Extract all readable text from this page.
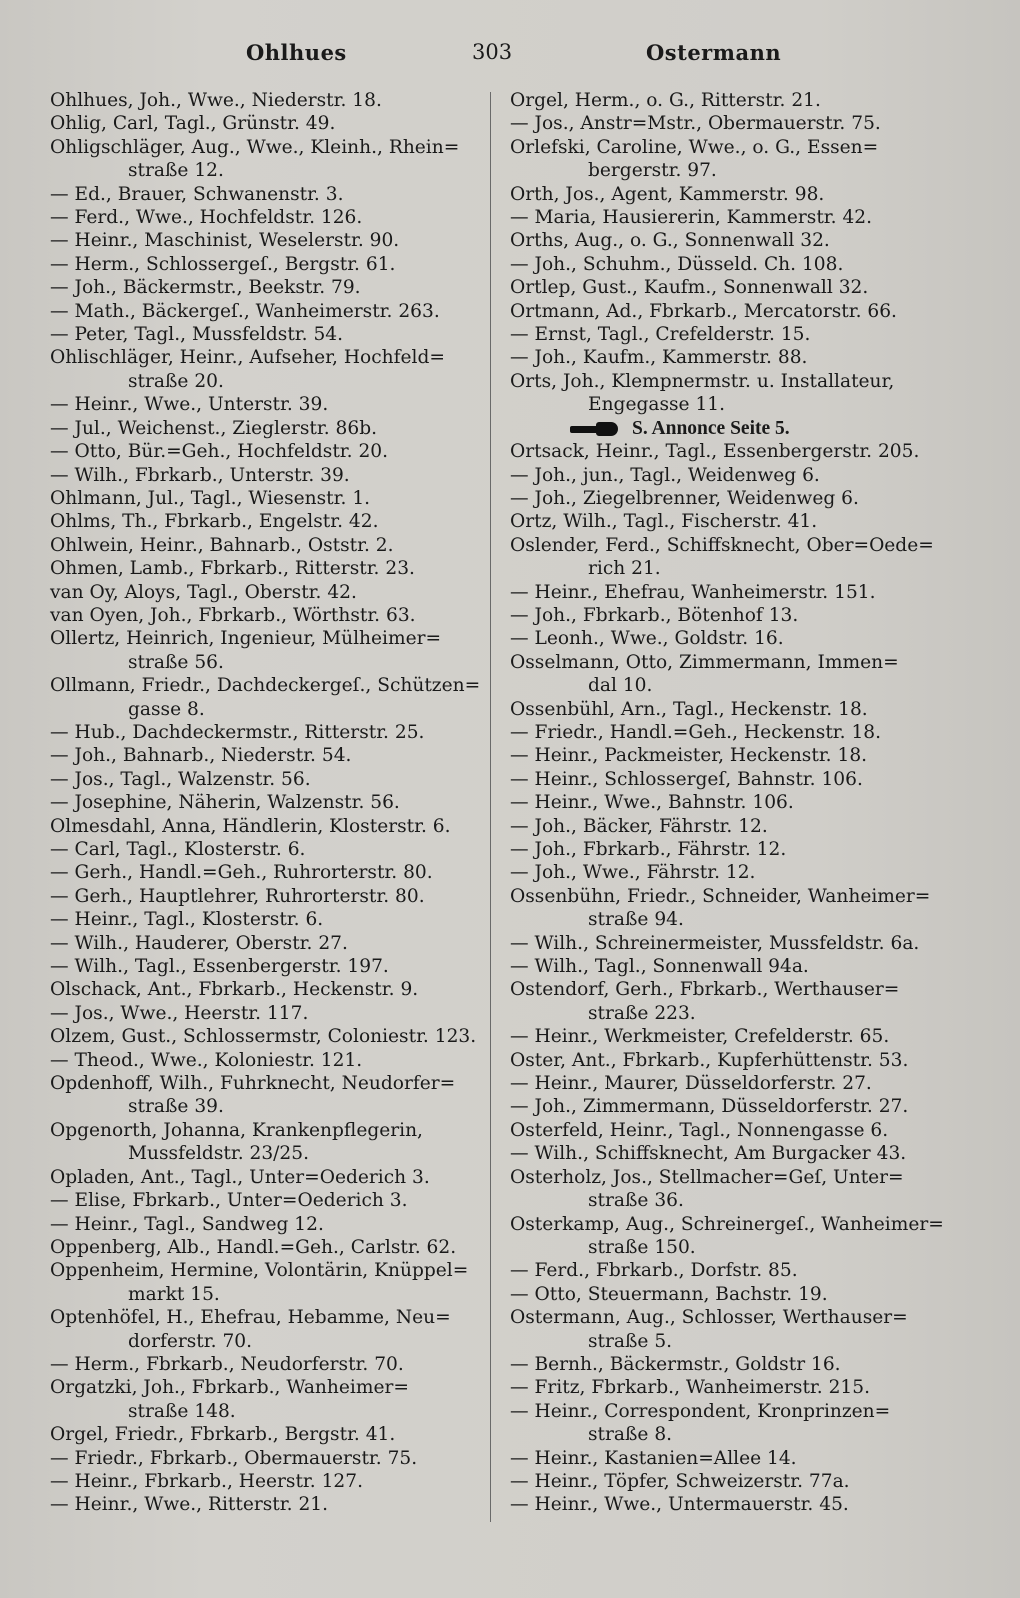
Ohlhues	303	Ostermann
Ohlhues, Joh., Wwe., Niederstr. 18.
Ohlig, Carl, Tagl., Grünstr. 49.
Ohligschläger, Aug., Wwe., Kleinh., Rhein=
straße 12.
— Ed., Brauer, Schwanenstr. 3.
— Ferd., Wwe., Hochfeldstr. 126.
— Heinr., Maschinist, Weselerstr. 90.
— Herm., Schlossergeſ., Bergstr. 61.
— Joh., Bäckermstr., Beekstr. 79.
— Math., Bäckergeſ., Wanheimerstr. 263.
— Peter, Tagl., Mussfeldstr. 54.
Ohlischläger, Heinr., Aufseher, Hochfeld=
straße 20.
— Heinr., Wwe., Unterstr. 39.
— Jul., Weichenst., Zieglerstr. 86b.
— Otto, Bür.=Geh., Hochfeldstr. 20.
— Wilh., Fbrkarb., Unterstr. 39.
Ohlmann, Jul., Tagl., Wiesenstr. 1.
Ohlms, Th., Fbrkarb., Engelstr. 42.
Ohlwein, Heinr., Bahnarb., Oststr. 2.
Ohmen, Lamb., Fbrkarb., Ritterstr. 23.
van Oy, Aloys, Tagl., Oberstr. 42.
van Oyen, Joh., Fbrkarb., Wörthstr. 63.
Ollertz, Heinrich, Ingenieur, Mülheimer=
straße 56.
Ollmann, Friedr., Dachdeckergeſ., Schützen=
gasse 8.
— Hub., Dachdeckermstr., Ritterstr. 25.
— Joh., Bahnarb., Niederstr. 54.
— Jos., Tagl., Walzenstr. 56.
— Josephine, Näherin, Walzenstr. 56.
Olmesdahl, Anna, Händlerin, Klosterstr. 6.
— Carl, Tagl., Klosterstr. 6.
— Gerh., Handl.=Geh., Ruhrorterstr. 80.
— Gerh., Hauptlehrer, Ruhrorterstr. 80.
— Heinr., Tagl., Klosterstr. 6.
— Wilh., Hauderer, Oberstr. 27.
— Wilh., Tagl., Essenbergerstr. 197.
Olschack, Ant., Fbrkarb., Heckenstr. 9.
— Jos., Wwe., Heerstr. 117.
Olzem, Gust., Schlossermstr, Coloniestr. 123.
— Theod., Wwe., Koloniestr. 121.
Opdenhoff, Wilh., Fuhrknecht, Neudorfer=
straße 39.
Opgenorth, Johanna, Krankenpflegerin,
Mussfeldstr. 23/25.
Opladen, Ant., Tagl., Unter=Oederich 3.
— Elise, Fbrkarb., Unter=Oederich 3.
— Heinr., Tagl., Sandweg 12.
Oppenberg, Alb., Handl.=Geh., Carlstr. 62.
Oppenheim, Hermine, Volontärin, Knüppel=
markt 15.
Optenhöfel, H., Ehefrau, Hebamme, Neu=
dorferstr. 70.
— Herm., Fbrkarb., Neudorferstr. 70.
Orgatzki, Joh., Fbrkarb., Wanheimer=
straße 148.
Orgel, Friedr., Fbrkarb., Bergstr. 41.
— Friedr., Fbrkarb., Obermauerstr. 75.
— Heinr., Fbrkarb., Heerstr. 127.
— Heinr., Wwe., Ritterstr. 21.
Orgel, Herm., o. G., Ritterstr. 21.
— Jos., Anstr=Mstr., Obermauerstr. 75.
Orlefski, Caroline, Wwe., o. G., Essen=
bergerstr. 97.
Orth, Jos., Agent, Kammerstr. 98.
— Maria, Hausiererin, Kammerstr. 42.
Orths, Aug., o. G., Sonnenwall 32.
— Joh., Schuhm., Düsseld. Ch. 108.
Ortlep, Gust., Kaufm., Sonnenwall 32.
Ortmann, Ad., Fbrkarb., Mercatorstr. 66.
— Ernst, Tagl., Crefelderstr. 15.
— Joh., Kaufm., Kammerstr. 88.
Orts, Joh., Klempnermstr. u. Installateur,
Engegasse 11.
S. Annonce Seite 5.
Ortsack, Heinr., Tagl., Essenbergerstr. 205.
— Joh., jun., Tagl., Weidenweg 6.
— Joh., Ziegelbrenner, Weidenweg 6.
Ortz, Wilh., Tagl., Fischerstr. 41.
Oslender, Ferd., Schiffsknecht, Ober=Oede=
rich 21.
— Heinr., Ehefrau, Wanheimerstr. 151.
— Joh., Fbrkarb., Bötenhof 13.
— Leonh., Wwe., Goldstr. 16.
Osselmann, Otto, Zimmermann, Immen=
dal 10.
Ossenbühl, Arn., Tagl., Heckenstr. 18.
— Friedr., Handl.=Geh., Heckenstr. 18.
— Heinr., Packmeister, Heckenstr. 18.
— Heinr., Schlossergeſ, Bahnstr. 106.
— Heinr., Wwe., Bahnstr. 106.
— Joh., Bäcker, Fährstr. 12.
— Joh., Fbrkarb., Fährstr. 12.
— Joh., Wwe., Fährstr. 12.
Ossenbühn, Friedr., Schneider, Wanheimer=
straße 94.
— Wilh., Schreinermeister, Mussfeldstr. 6a.
— Wilh., Tagl., Sonnenwall 94a.
Ostendorf, Gerh., Fbrkarb., Werthauser=
straße 223.
— Heinr., Werkmeister, Crefelderstr. 65.
Oster, Ant., Fbrkarb., Kupferhüttenstr. 53.
— Heinr., Maurer, Düsseldorferstr. 27.
— Joh., Zimmermann, Düsseldorferstr. 27.
Osterfeld, Heinr., Tagl., Nonnengasse 6.
— Wilh., Schiffsknecht, Am Burgacker 43.
Osterholz, Jos., Stellmacher=Geſ, Unter=
straße 36.
Osterkamp, Aug., Schreinergeſ., Wanheimer=
straße 150.
— Ferd., Fbrkarb., Dorfstr. 85.
— Otto, Steuermann, Bachstr. 19.
Ostermann, Aug., Schlosser, Werthauser=
straße 5.
— Bernh., Bäckermstr., Goldstr 16.
— Fritz, Fbrkarb., Wanheimerstr. 215.
— Heinr., Correspondent, Kronprinzen=
straße 8.
— Heinr., Kastanien=Allee 14.
— Heinr., Töpfer, Schweizerstr. 77a.
— Heinr., Wwe., Untermauerstr. 45.
